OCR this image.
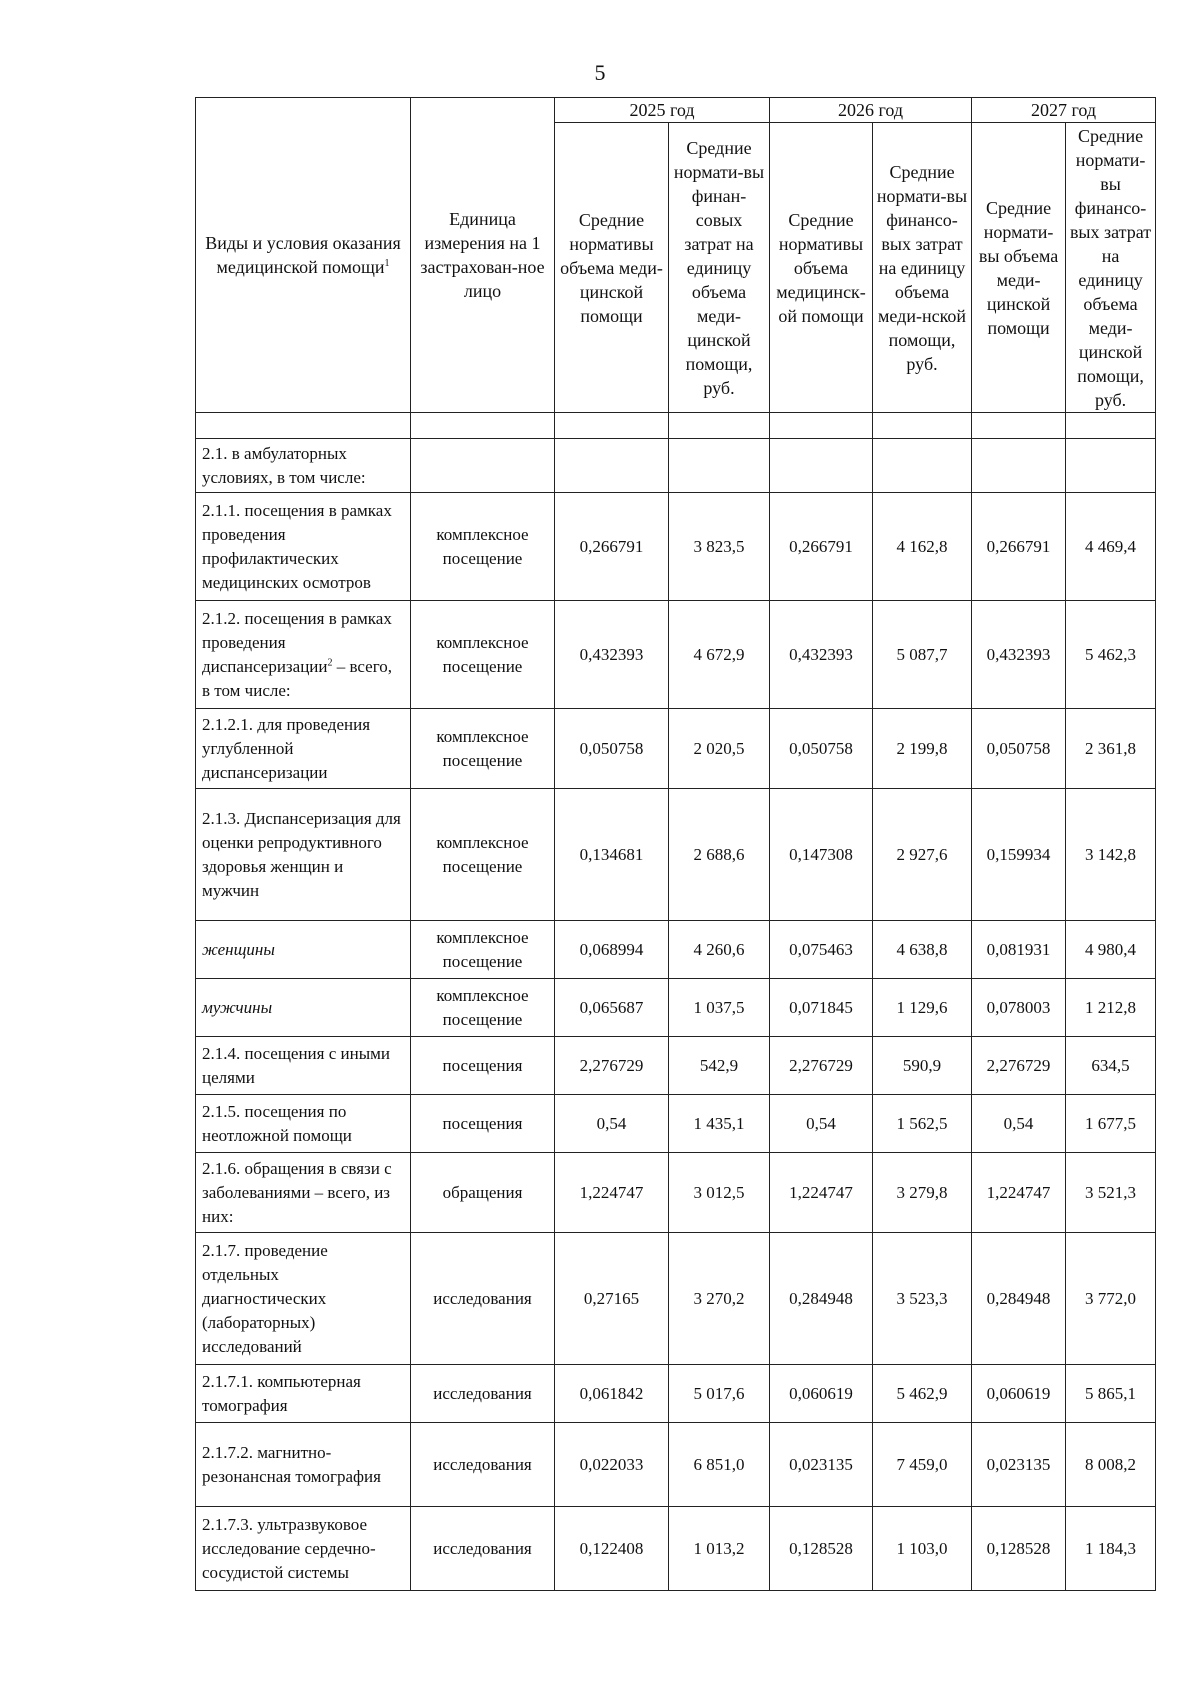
5
Виды и условия оказания медицинской помощи$^1$	Единица измерения на 1 застрахован-ное лицо	2025 год		2026 год		2027 год	
		Средние нормативы объема меди-цинской помощи	Средние нормати-вы финан-совых затрат на единицу объема меди-цинской помощи, руб.	Средние нормативы объема медицинск-ой помощи	Средние нормати-вы финансо-вых затрат на единицу объема меди-нской помощи, руб.	Средние нормати-вы объема меди-цинской помощи	Средние нормати-вы финансо-вых затрат на единицу объема меди-цинской помощи, руб.

2.1. в амбулаторных условиях, в том числе:							
2.1.1. посещения в рамках проведения профилактических медицинских осмотров	комплексное посещение	0,266791	3 823,5	0,266791	4 162,8	0,266791	4 469,4
2.1.2. посещения в рамках проведения диспансеризации$^2$ – всего, в том числе:	комплексное посещение	0,432393	4 672,9	0,432393	5 087,7	0,432393	5 462,3
2.1.2.1. для проведения углубленной диспансеризации	комплексное посещение	0,050758	2 020,5	0,050758	2 199,8	0,050758	2 361,8
2.1.3. Диспансеризация для оценки репродуктивного здоровья женщин и мужчин	комплексное посещение	0,134681	2 688,6	0,147308	2 927,6	0,159934	3 142,8
женщины	комплексное посещение	0,068994	4 260,6	0,075463	4 638,8	0,081931	4 980,4
мужчины	комплексное посещение	0,065687	1 037,5	0,071845	1 129,6	0,078003	1 212,8
2.1.4. посещения с иными целями	посещения	2,276729	542,9	2,276729	590,9	2,276729	634,5
2.1.5. посещения по неотложной помощи	посещения	0,54	1 435,1	0,54	1 562,5	0,54	1 677,5
2.1.6. обращения в связи с заболеваниями – всего, из них:	обращения	1,224747	3 012,5	1,224747	3 279,8	1,224747	3 521,3
2.1.7. проведение отдельных диагностических (лабораторных) исследований	исследования	0,27165	3 270,2	0,284948	3 523,3	0,284948	3 772,0
2.1.7.1. компьютерная томография	исследования	0,061842	5 017,6	0,060619	5 462,9	0,060619	5 865,1
2.1.7.2. магнитно-резонансная томография	исследования	0,022033	6 851,0	0,023135	7 459,0	0,023135	8 008,2
2.1.7.3. ультразвуковое исследование сердечно-сосудистой системы	исследования	0,122408	1 013,2	0,128528	1 103,0	0,128528	1 184,3
